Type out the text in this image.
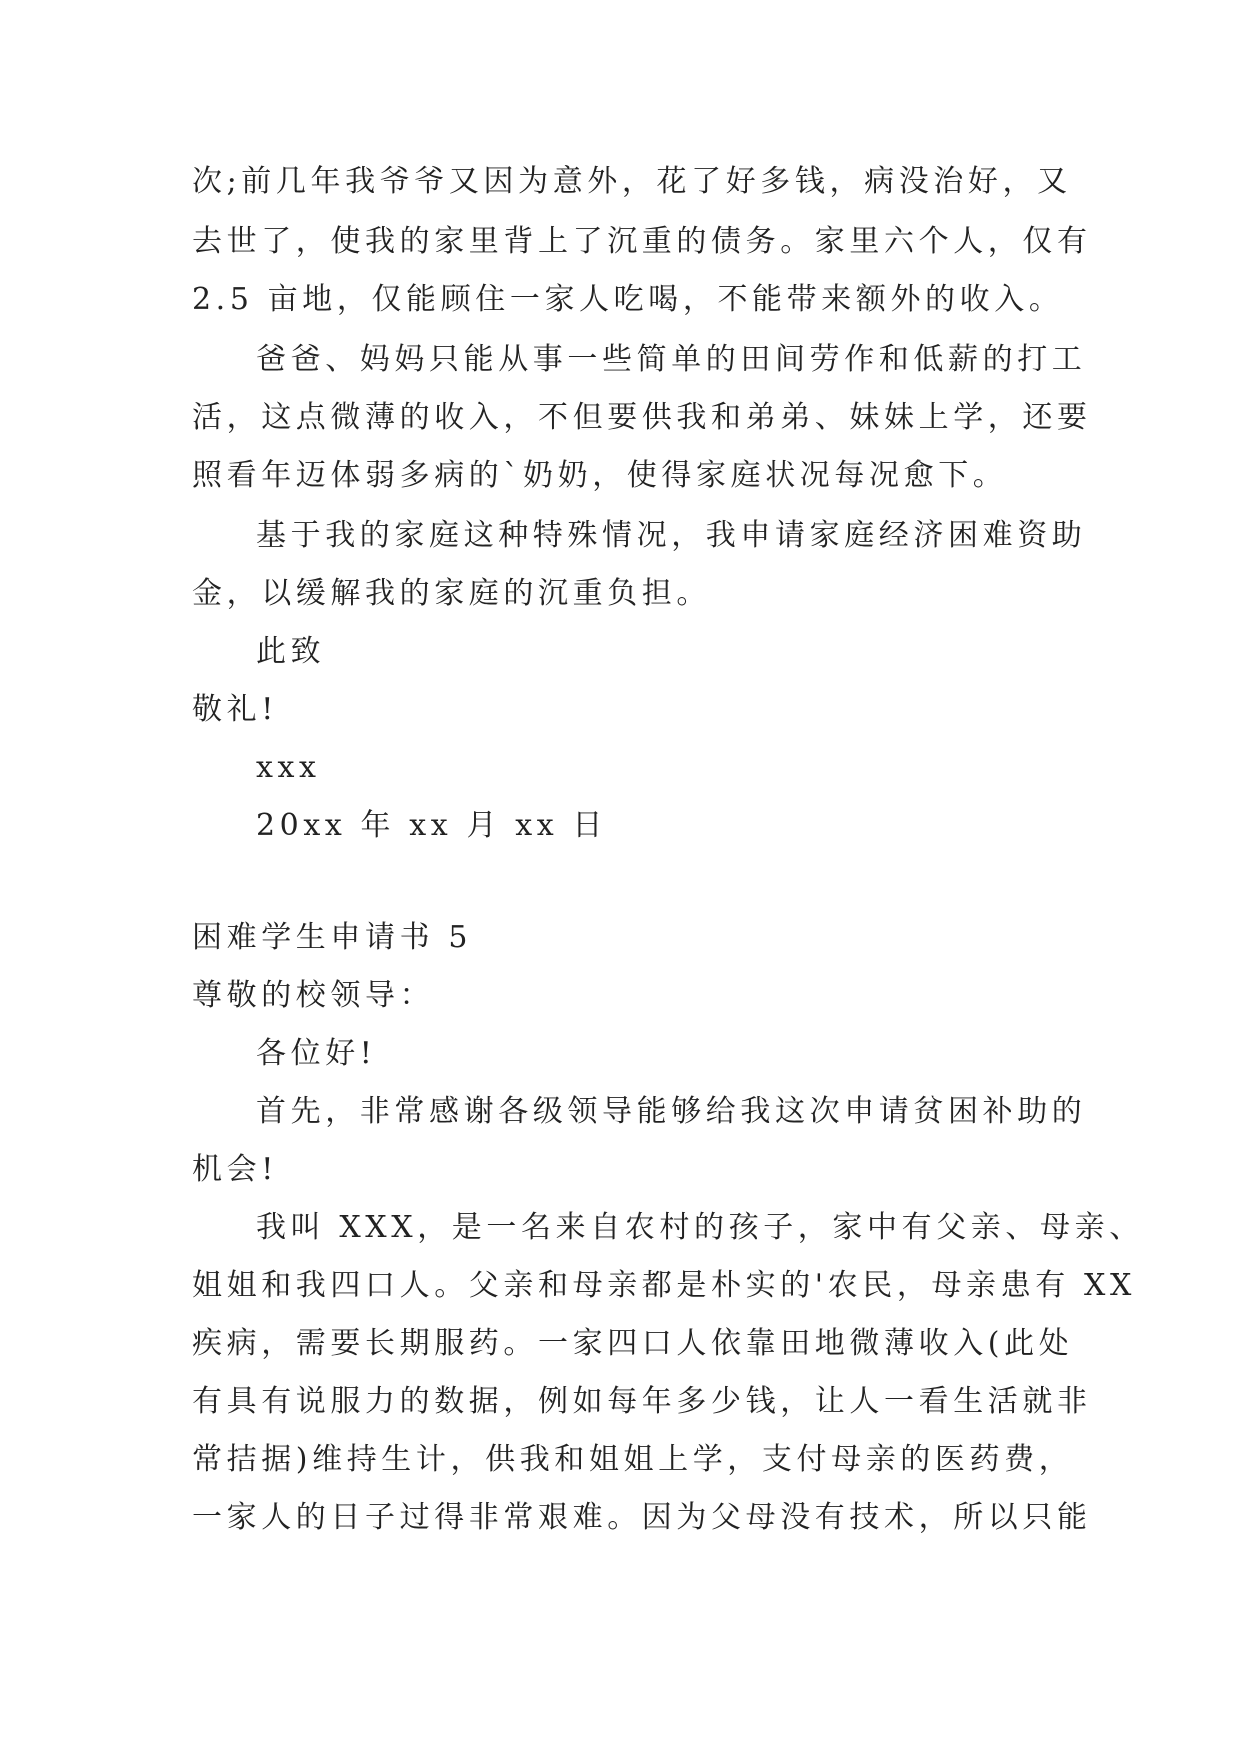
次;前几年我爷爷又因为意外，花了好多钱，病没治好，又
去世了，使我的家里背上了沉重的债务。家里六个人，仅有
2.5 亩地，仅能顾住一家人吃喝，不能带来额外的收入。
爸爸、妈妈只能从事一些简单的田间劳作和低薪的打工
活，这点微薄的收入，不但要供我和弟弟、妹妹上学，还要
照看年迈体弱多病的`奶奶，使得家庭状况每况愈下。
基于我的家庭这种特殊情况，我申请家庭经济困难资助
金，以缓解我的家庭的沉重负担。
此致
敬礼!
xxx
20xx 年 xx 月 xx 日
困难学生申请书 5
尊敬的校领导：
各位好!
首先，非常感谢各级领导能够给我这次申请贫困补助的
机会!
我叫 XXX，是一名来自农村的孩子，家中有父亲、母亲、
姐姐和我四口人。父亲和母亲都是朴实的'农民，母亲患有 XX
疾病，需要长期服药。一家四口人依靠田地微薄收入(此处
有具有说服力的数据，例如每年多少钱，让人一看生活就非
常拮据)维持生计，供我和姐姐上学，支付母亲的医药费，
一家人的日子过得非常艰难。因为父母没有技术，所以只能
